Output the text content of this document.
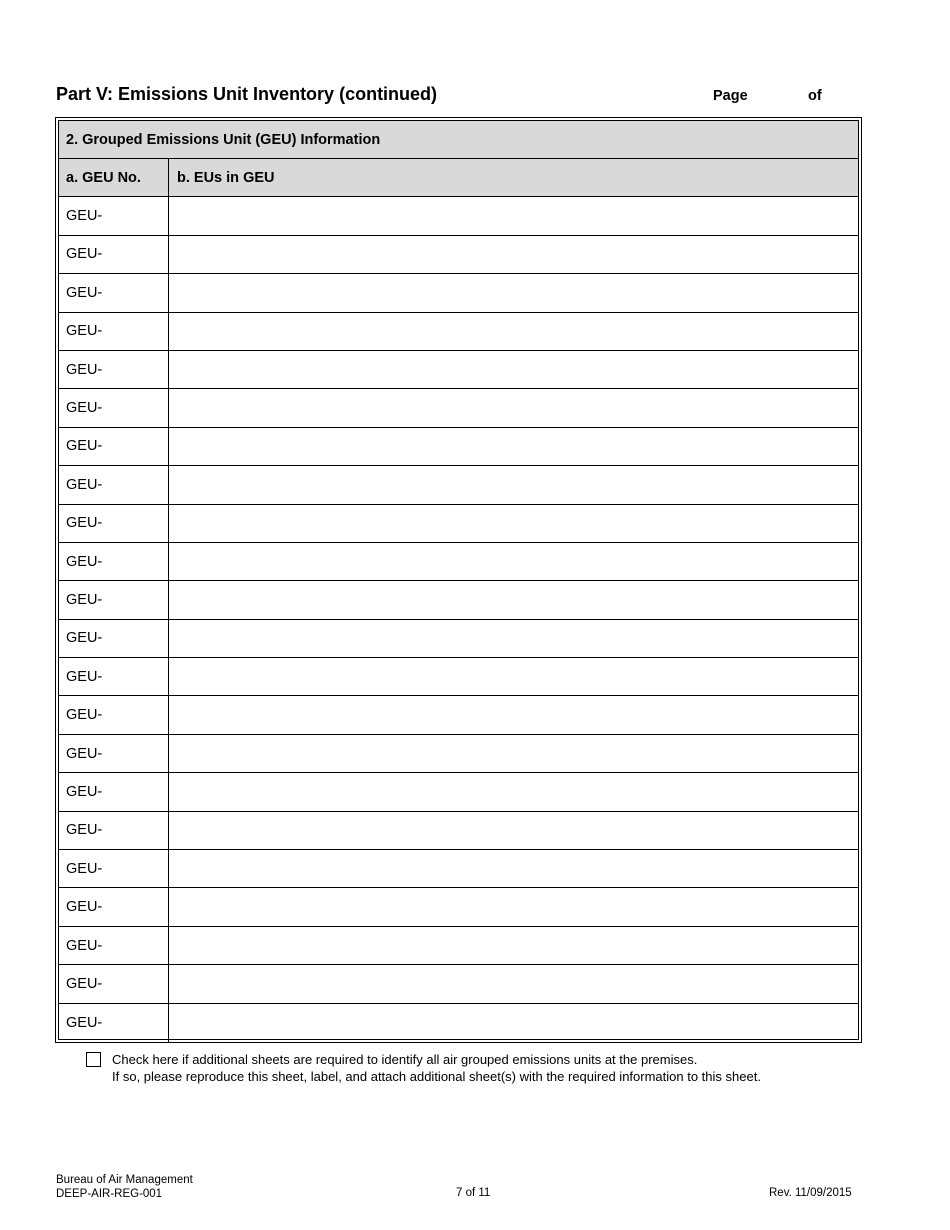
Part V: Emissions Unit Inventory (continued)	Page	of
2. Grouped Emissions Unit (GEU) Information
a. GEU No.	b. EUs in GEU
GEU-
GEU-
GEU-
GEU-
GEU-
GEU-
GEU-
GEU-
GEU-
GEU-
GEU-
GEU-
GEU-
GEU-
GEU-
GEU-
GEU-
GEU-
GEU-
GEU-
GEU-
GEU-
Check here if additional sheets are required to identify all air grouped emissions units at the premises.
If so, please reproduce this sheet, label, and attach additional sheet(s) with the required information to this sheet.
Bureau of Air Management
DEEP-AIR-REG-001	7 of 11	Rev. 11/09/2015
